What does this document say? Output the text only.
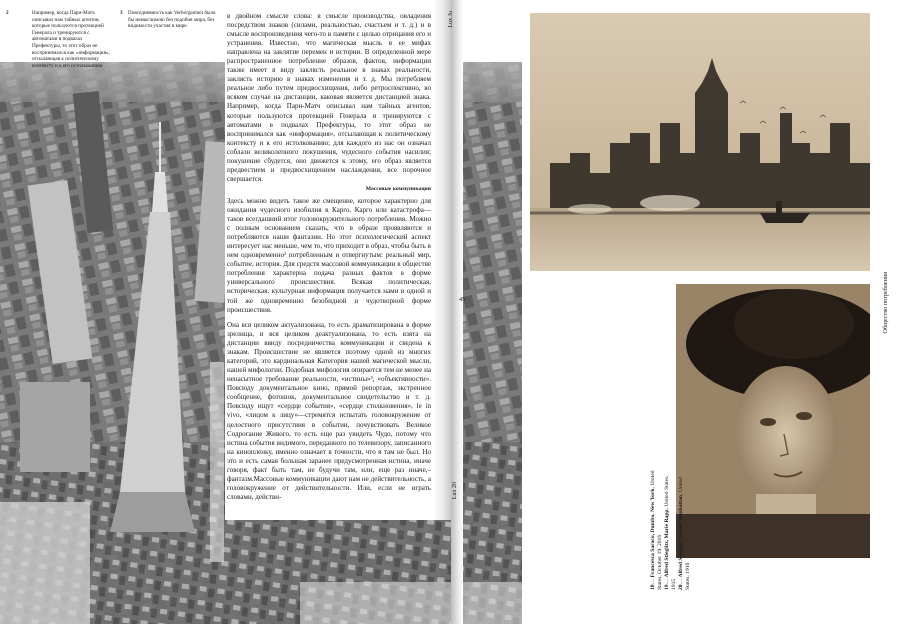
2	Например, когда Пари-Матч описывал нам тайных агентов, которые пользуются протекцией Генерала и тренируются с автоматами в подвалах Префектуры, то этот образ не воспринимался как «информация», отсылающая к политическому контексту и к его истолкованию
3 Повседневность как Verborgenheit была бы немыслимою без подобия мира, без видимости участия в мире.
в двойном смысле слова: в смысле производства, овладения посредством знаков (силами, реальностью, счастьем и т. д.) и в смысле воспроизведения чего-то в памяти с целью отрицания его и устранения. Известно, что магическая мысль в ее мифах направлена на заклятие перемен и истории. В определенной мере распространенное потребление образов, фактов, информации также имеет в виду заклясть реальное в знаках реальности, заклясть историю в знаках изменения и т. д. Мы потребляем реальное либо путем предвосхищения, либо ретроспективно, во всяком случае на дистанции, каковая является дистанцией знака. Например, когда Пари-Матч описывал нам тайных агентов, которые пользуются протекцией Генерала и тренируются с автоматами в подвалах Префектуры, то этот образ не воспринимался как «информация», отсылающая к политическому контексту и к его истолкованию; для каждого из нас он означал соблазн великолепного покушения, чудесного события насилия; покушение сбудется, оно движется к этому, его образ является предвестием и предвосхищением наслаждения, все порочное свершается.
Массовые коммуникации
Здесь можно видеть такое же смещение, которое характерно для ожидания чудесного изобилия в Карго. Карго или катастрофа—таков всегдашний итог головокружительного потребления. Можно с полным основанием сказать, что в образе проявляются и потребляются наши фантазии. Но этот психологический аспект интересует нас меньше, чем то, что приходит в образ, чтобы быть в нем одновременно² потребленным и отвергнутым: реальный мир, событие, история. Для средств массовой коммуникации в обществе потребления характерна подача разных фактов в форме универсального происшествия. Всякая политическая, историческая, культурная информация получается нами в одной и той же одновременно безобидной и чудотворной форме происшествия.
Она вся целиком актуализована, то есть драматизирована в форме зрелища, и вся целиком деактуализована, то есть взята на дистанции ввиду посредничества коммуникации и сведена к знакам. Происшествие не является поэтому одной из многих категорий, это кардинальная Категория нашей магической мысли, нашей мифологии. Подобная мифология опирается тем не менее на ненасытное требование реальности, «истины»³, «объективности». Повсюду документальное кино, прямой репортаж, экстренное сообщение, фотошок, документальное свидетельство и т. д. Повсюду ищут «сердце события», «сердце столкновения», le in vivo, «лицом к лицу»—стремятся испытать головокружение от целостного присутствия в событии, почувствовать Великое Содрогание Живого, то есть еще раз увидеть Чудо, потому что истина события видимого, переданного по телевизору, записанного на кинопленку, именно означает в точности, что я там не был. Но это и есть самая большая заранее предусмотренная истина, иначе говоря, факт быть там, не будучи там, или, еще раз иначе,–фантазм.Массовые коммуникации дают нам не действительность, а головокружение от действительности. Или, если не играть словами, действи-
Lux Ju
45
Lux 20
18.... Francesca Saraco, Dumbo, New York, United States, October 19, 2016 19.... Alfred Stieglitz, Marie Rapp, United States, 1915 20.... Alfred Stieglitz, Lower Manhattan, United States, 1910
Общество потребления
